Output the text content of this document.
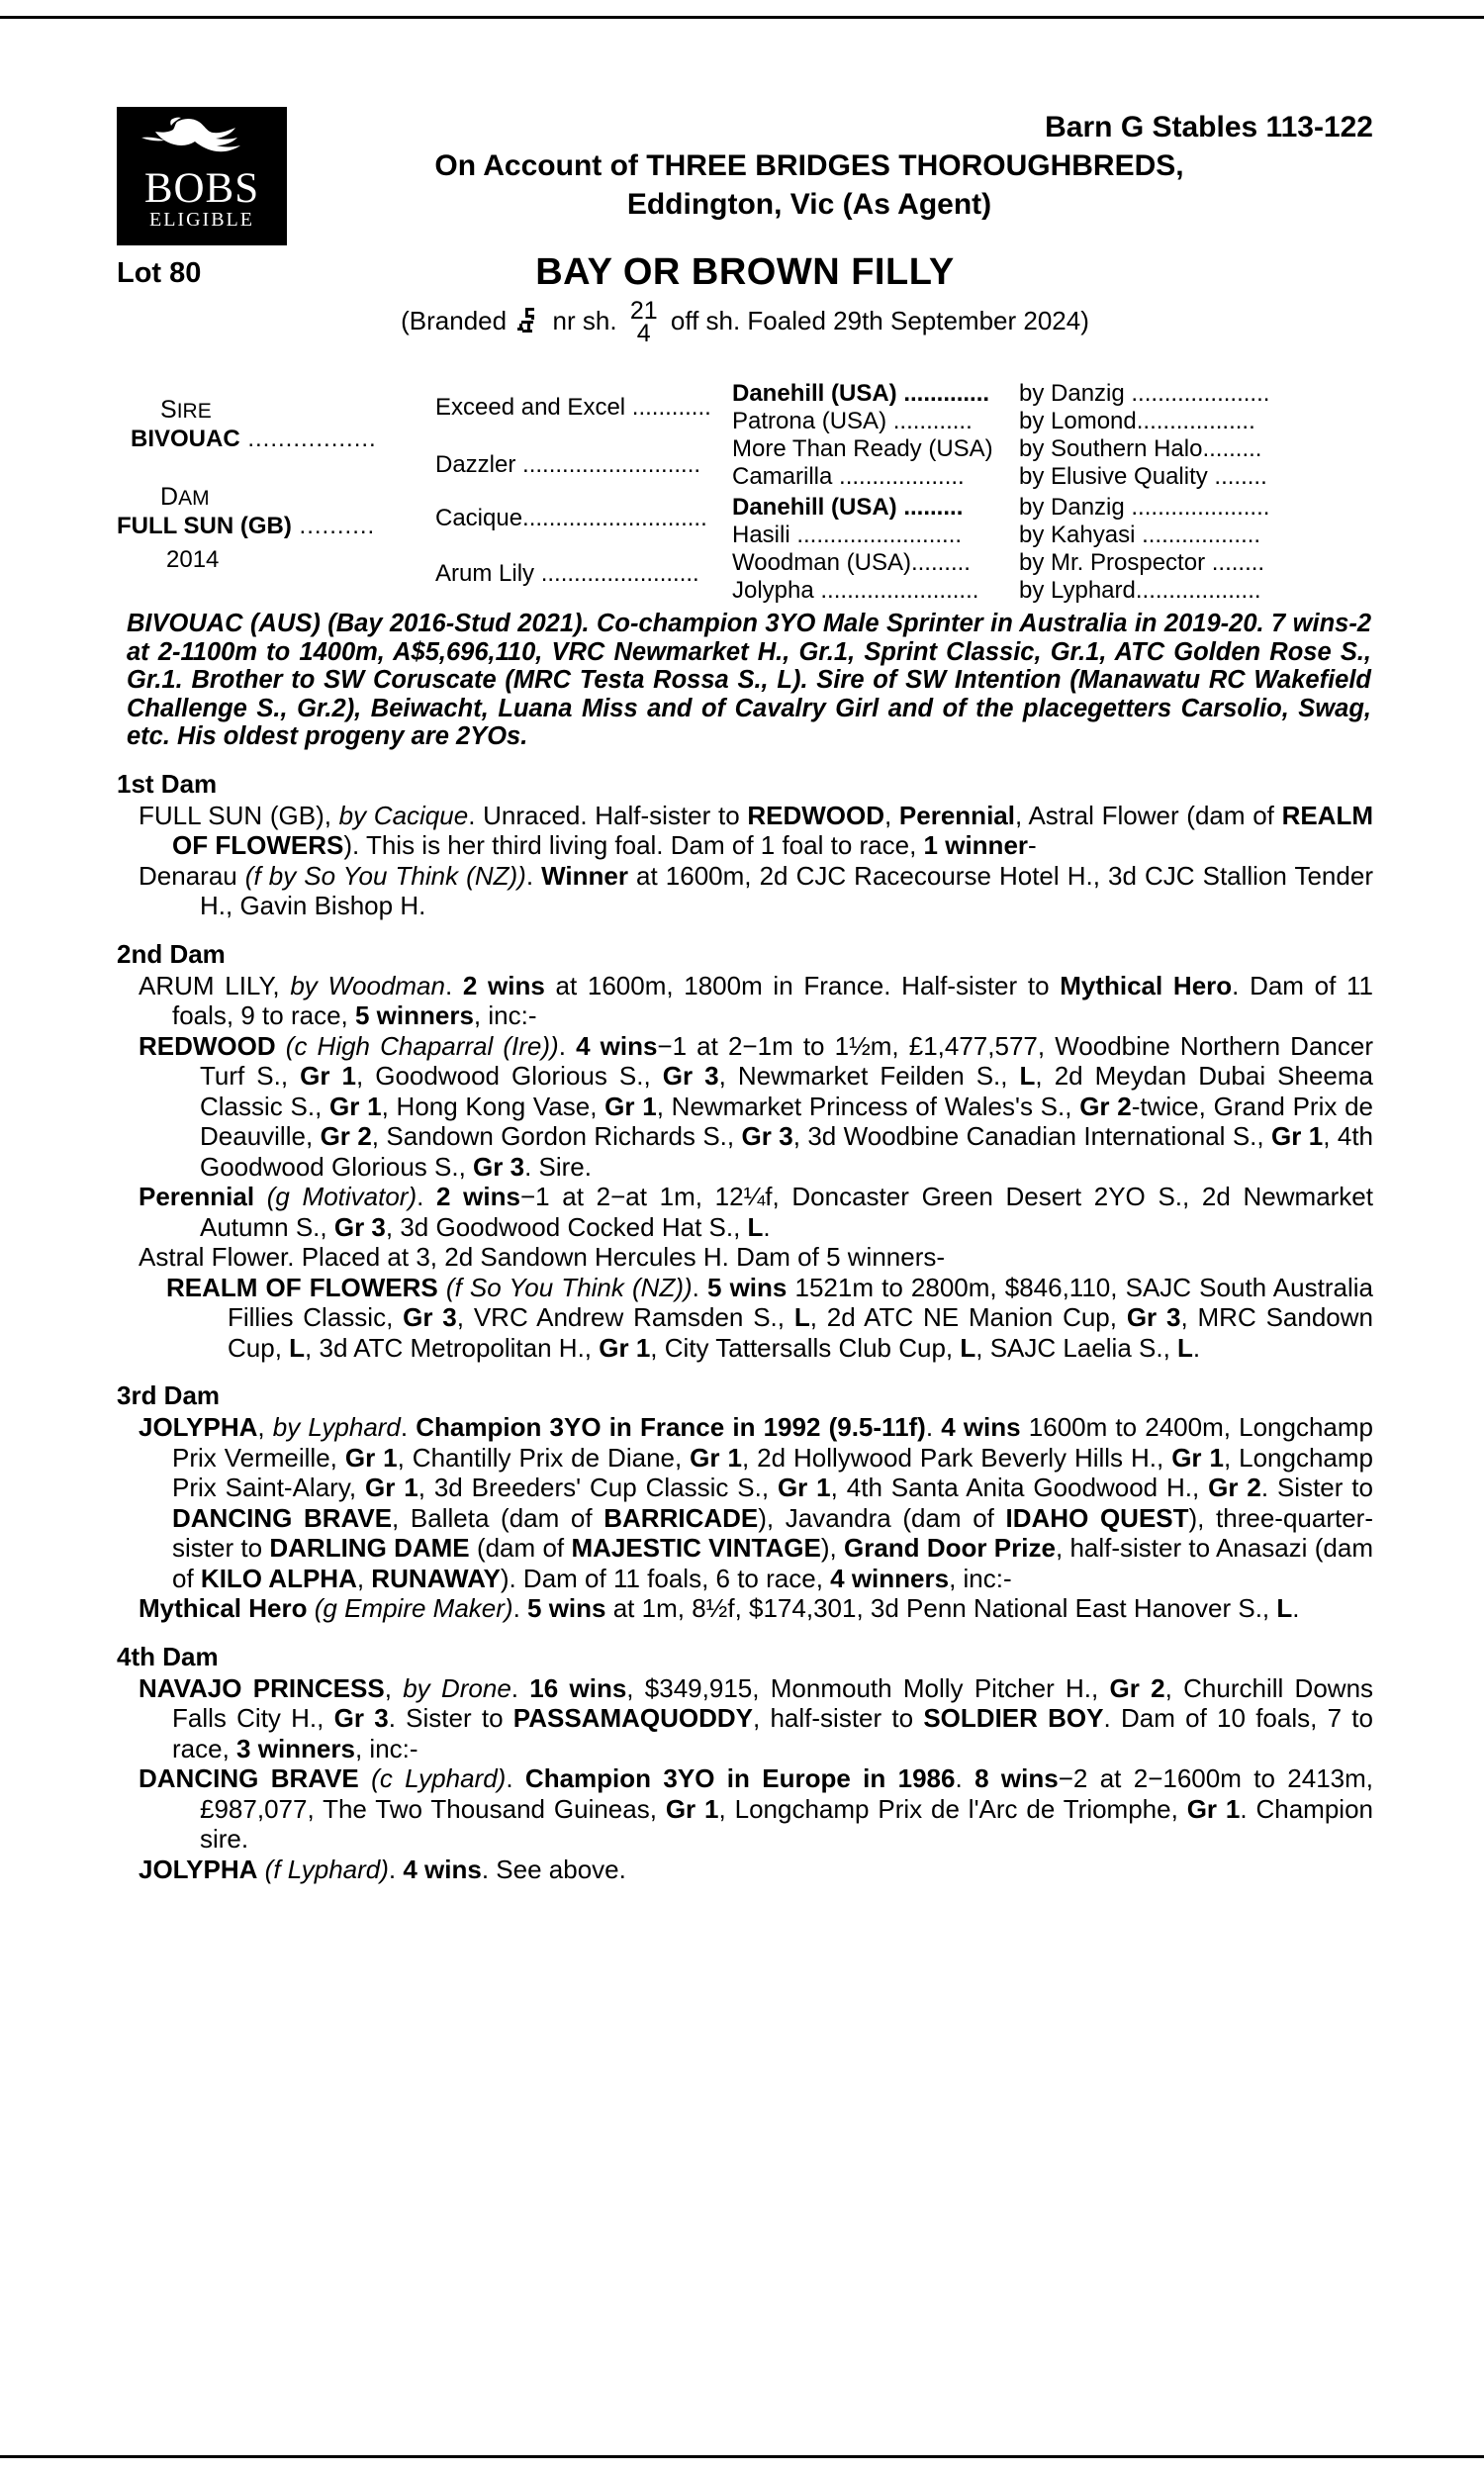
BOBS
ELIGIBLE
Barn G Stables 113-122
On Account of THREE BRIDGES THOROUGHBREDS,
Eddington, Vic (As Agent)
Lot 80	BAY OR BROWN FILLY
(Branded nr sh. 21
4 off sh. Foaled 29th September 2024)
SIRE
BIVOUAC .................
DAM
FULL SUN (GB) ..........
2014
Exceed and Excel ............
Dazzler ...........................
Cacique............................
Arum Lily ........................
Danehill (USA) .............
Patrona (USA) ............
More Than Ready (USA)
Camarilla ...................
Danehill (USA) .........
Hasili .........................
Woodman (USA).........
Jolypha ........................
by Danzig .....................
by Lomond..................
by Southern Halo.........
by Elusive Quality ........
by Danzig .....................
by Kahyasi ..................
by Mr. Prospector ........
by Lyphard...................
BIVOUAC (AUS) (Bay 2016-Stud 2021). Co-champion 3YO Male Sprinter in Australia in 2019-20. 7 wins-2 at 2-1100m to 1400m, A$5,696,110, VRC Newmarket H., Gr.1, Sprint Classic, Gr.1, ATC Golden Rose S., Gr.1. Brother to SW Coruscate (MRC Testa Rossa S., L). Sire of SW Intention (Manawatu RC Wakefield Challenge S., Gr.2), Beiwacht, Luana Miss and of Cavalry Girl and of the placegetters Carsolio, Swag, etc. His oldest progeny are 2YOs.
1st Dam
FULL SUN (GB), by Cacique. Unraced. Half-sister to REDWOOD, Perennial, Astral Flower (dam of REALM OF FLOWERS). This is her third living foal. Dam of 1 foal to race, 1 winner-
Denarau (f by So You Think (NZ)). Winner at 1600m, 2d CJC Racecourse Hotel H., 3d CJC Stallion Tender H., Gavin Bishop H.
2nd Dam
ARUM LILY, by Woodman. 2 wins at 1600m, 1800m in France. Half-sister to Mythical Hero. Dam of 11 foals, 9 to race, 5 winners, inc:-
REDWOOD (c High Chaparral (Ire)). 4 wins−1 at 2−1m to 1½m, £1,477,577, Woodbine Northern Dancer Turf S., Gr 1, Goodwood Glorious S., Gr 3, Newmarket Feilden S., L, 2d Meydan Dubai Sheema Classic S., Gr 1, Hong Kong Vase, Gr 1, Newmarket Princess of Wales's S., Gr 2-twice, Grand Prix de Deauville, Gr 2, Sandown Gordon Richards S., Gr 3, 3d Woodbine Canadian International S., Gr 1, 4th Goodwood Glorious S., Gr 3. Sire.
Perennial (g Motivator). 2 wins−1 at 2−at 1m, 12¼f, Doncaster Green Desert 2YO S., 2d Newmarket Autumn S., Gr 3, 3d Goodwood Cocked Hat S., L.
Astral Flower. Placed at 3, 2d Sandown Hercules H. Dam of 5 winners-
REALM OF FLOWERS (f So You Think (NZ)). 5 wins 1521m to 2800m, $846,110, SAJC South Australia Fillies Classic, Gr 3, VRC Andrew Ramsden S., L, 2d ATC NE Manion Cup, Gr 3, MRC Sandown Cup, L, 3d ATC Metropolitan H., Gr 1, City Tattersalls Club Cup, L, SAJC Laelia S., L.
3rd Dam
JOLYPHA, by Lyphard. Champion 3YO in France in 1992 (9.5-11f). 4 wins 1600m to 2400m, Longchamp Prix Vermeille, Gr 1, Chantilly Prix de Diane, Gr 1, 2d Hollywood Park Beverly Hills H., Gr 1, Longchamp Prix Saint-Alary, Gr 1, 3d Breeders' Cup Classic S., Gr 1, 4th Santa Anita Goodwood H., Gr 2. Sister to DANCING BRAVE, Balleta (dam of BARRICADE), Javandra (dam of IDAHO QUEST), three-quarter-sister to DARLING DAME (dam of MAJESTIC VINTAGE), Grand Door Prize, half-sister to Anasazi (dam of KILO ALPHA, RUNAWAY). Dam of 11 foals, 6 to race, 4 winners, inc:-
Mythical Hero (g Empire Maker). 5 wins at 1m, 8½f, $174,301, 3d Penn National East Hanover S., L.
4th Dam
NAVAJO PRINCESS, by Drone. 16 wins, $349,915, Monmouth Molly Pitcher H., Gr 2, Churchill Downs Falls City H., Gr 3. Sister to PASSAMAQUODDY, half-sister to SOLDIER BOY. Dam of 10 foals, 7 to race, 3 winners, inc:-
DANCING BRAVE (c Lyphard). Champion 3YO in Europe in 1986. 8 wins−2 at 2−1600m to 2413m, £987,077, The Two Thousand Guineas, Gr 1, Longchamp Prix de l'Arc de Triomphe, Gr 1. Champion sire.
JOLYPHA (f Lyphard). 4 wins. See above.
